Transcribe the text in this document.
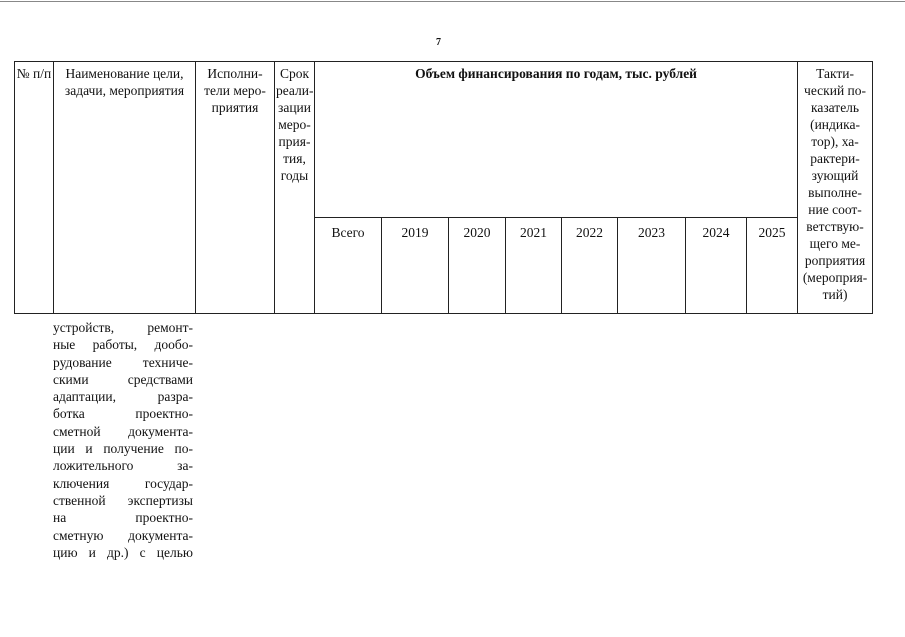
7
№ п/п	Наименование цели, задачи, мероприятия	Исполни-тели меро-приятия	Срок реали-зации меро-прия-тия, годы	Объем финансирования по годам, тыс. рублей								Такти-ческий по-казатель (индика-тор), ха-рактери-зующий выполне-ние соот-ветствую-щего ме-роприятия (мероприя-тий)
				Всего	2019	2020	2021	2022	2023	2024	2025	
устройств, ремонт-
ные работы, дообо-
рудование техниче-
скими средствами
адаптации, разра-
ботка проектно-
сметной документа-
ции и получение по-
ложительного за-
ключения государ-
ственной экспертизы
на проектно-
сметную документа-
цию и др.) с целью
